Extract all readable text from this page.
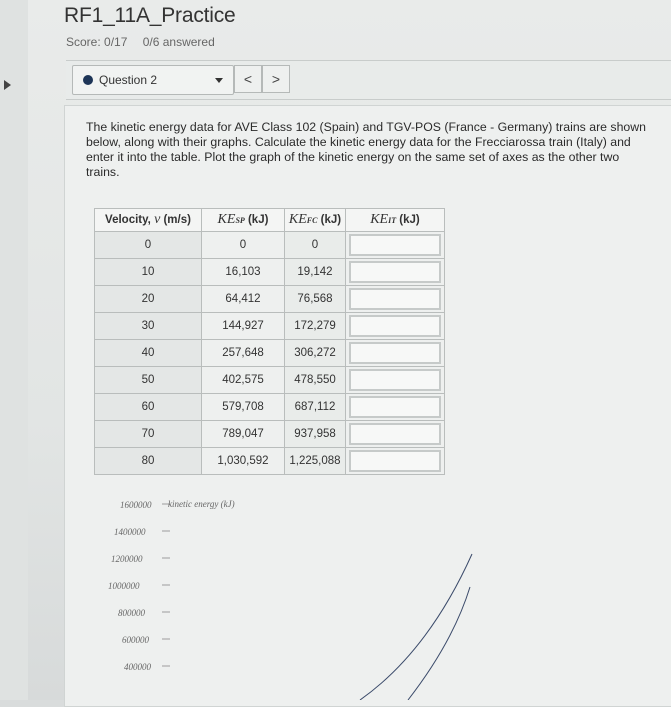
RF1_11A_Practice
Score: 0/17 0/6 answered
Question 2	<	>
The kinetic energy data for AVE Class 102 (Spain) and TGV-POS (France - Germany) trains are shown below, along with their graphs. Calculate the kinetic energy data for the Frecciarossa train (Italy) and enter it into the table. Plot the graph of the kinetic energy on the same set of axes as the other two trains.
Velocity, v (m/s)	KESP (kJ)	KEFC (kJ)	KEIT (kJ)
0	0	0	

10	16,103	19,142	

20	64,412	76,568	

30	144,927	172,279	

40	257,648	306,272	

50	402,575	478,550	

60	579,708	687,112	

70	789,047	937,958	

80	1,030,592	1,225,088	
1600000
1400000
1200000
1000000
800000
600000
400000
kinetic energy (kJ)
